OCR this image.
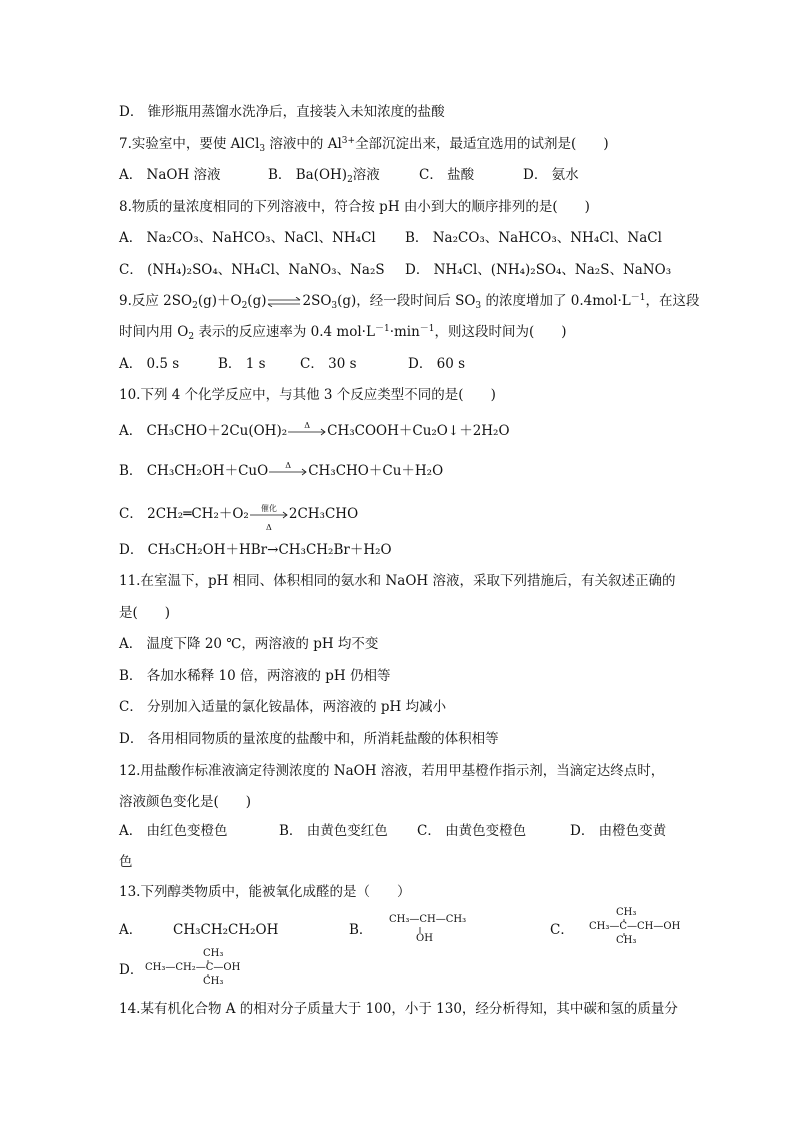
D． 锥形瓶用蒸馏水洗净后，直接装入未知浓度的盐酸
7.实验室中，要使 AlCl$_3$ 溶液中的 $Al^{3+}$全部沉淀出来，最适宜选用的试剂是(　　)
A． NaOH 溶液	B． $Ba(OH)_2$溶液	C． 盐酸	D． 氨水
8.物质的量浓度相同的下列溶液中，符合按 pH 由小到大的顺序排列的是(　　)
A． Na₂CO₃、NaHCO₃、NaCl、NH₄Cl B． Na₂CO₃、NaHCO₃、NH₄Cl、NaCl
C． (NH₄)₂SO₄、NH₄Cl、NaNO₃、Na₂S D． NH₄Cl、(NH₄)₂SO₄、Na₂S、NaNO₃
9.反应 $2SO_2(g)+O_2(g)\rightleftharpoons 2SO_3(g)$，经一段时间后 $SO_3$ 的浓度增加了 $0.4mol\cdot L^{-1}$，在这段
时间内用 $O_2$ 表示的反应速率为 0.4 $mol\cdot L^{-1}\cdot\min^{-1}$，则这段时间为(　　)
A． 0.5 s	B． 1 s	C． 30 s	D． 60 s
10.下列 4 个化学反应中，与其他 3 个反应类型不同的是(　　)
A． CH₃CHO＋2Cu(OH)₂	Δ	CH₃COOH＋Cu₂O↓＋2H₂O
B． CH₃CH₂OH＋CuO	Δ	CH₃CHO＋Cu＋H₂O
C． 2CH₂═CH₂＋O₂	催化
Δ
2CH₃CHO
D． CH₃CH₂OH＋HBr→CH₃CH₂Br＋H₂O
11.在室温下，pH 相同、体积相同的氨水和 NaOH 溶液，采取下列措施后，有关叙述正确的
是(　　)
A． 温度下降 20 ℃，两溶液的 pH 均不变
B． 各加水稀释 10 倍，两溶液的 pH 仍相等
C． 分别加入适量的氯化铵晶体，两溶液的 pH 均减小
D． 各用相同物质的量浓度的盐酸中和，所消耗盐酸的体积相等
12.用盐酸作标准液滴定待测浓度的 NaOH 溶液，若用甲基橙作指示剂，当滴定达终点时，
溶液颜色变化是(　　)
A． 由红色变橙色	B． 由黄色变红色 C． 由黄色变橙色	D． 由橙色变黄
色
13.下列醇类物质中，能被氧化成醛的是（　　）
A． CH₃CH₂CH₂OH	B．
CH₃—CH—CH₃
OH
C．
CH₃
CH₃—C—CH—OH
CH₃
D．
CH₃
CH₃—CH₂—C—OH
CH₃
14.某有机化合物 A 的相对分子质量大于 100，小于 130，经分析得知，其中碳和氢的质量分
